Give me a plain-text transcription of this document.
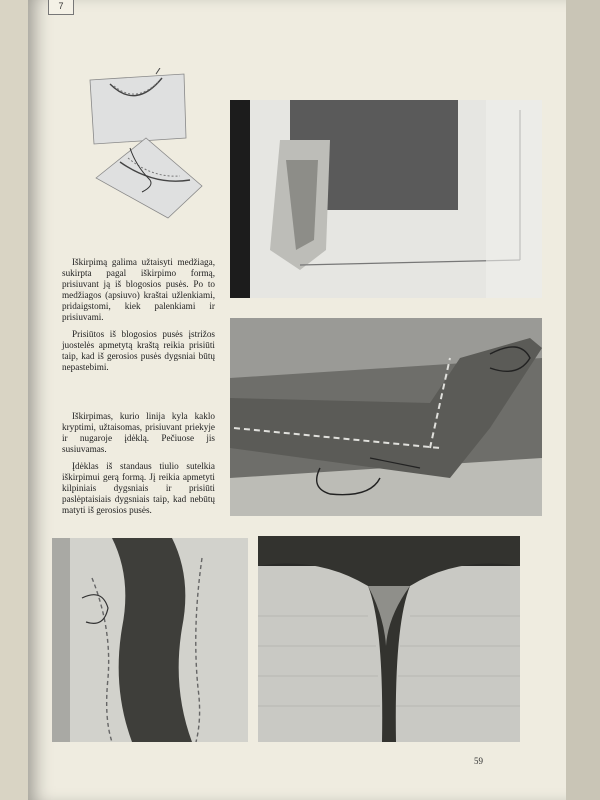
7

Iškirpimą galima užtaisyti medžiaga, sukirpta pagal iškirpimo formą, prisiuvant ją iš blogosios pusės. Po to medžiagos (apsiuvo) kraštai užlenkiami, pridaigstomi, kiek palenkiami ir prisiuvami.

Prisiūtos iš blogosios pusės įstrižos juostelės apmetytą kraštą reikia prisiūti taip, kad iš gerosios pusės dygsniai būtų nepastebimi.

Iškirpimas, kurio linija kyla kaklo kryptimi, užtaisomas, prisiuvant priekyje ir nugaroje įdėklą. Pečiuose jis susiuvamas.

Įdėklas iš standaus tiulio sutelkia iškirpimui gerą formą. Jį reikia apmetyti kilpiniais dygsniais ir prisiūti paslėptaisiais dygsniais taip, kad nebūtų matyti iš gerosios pusės.

59
